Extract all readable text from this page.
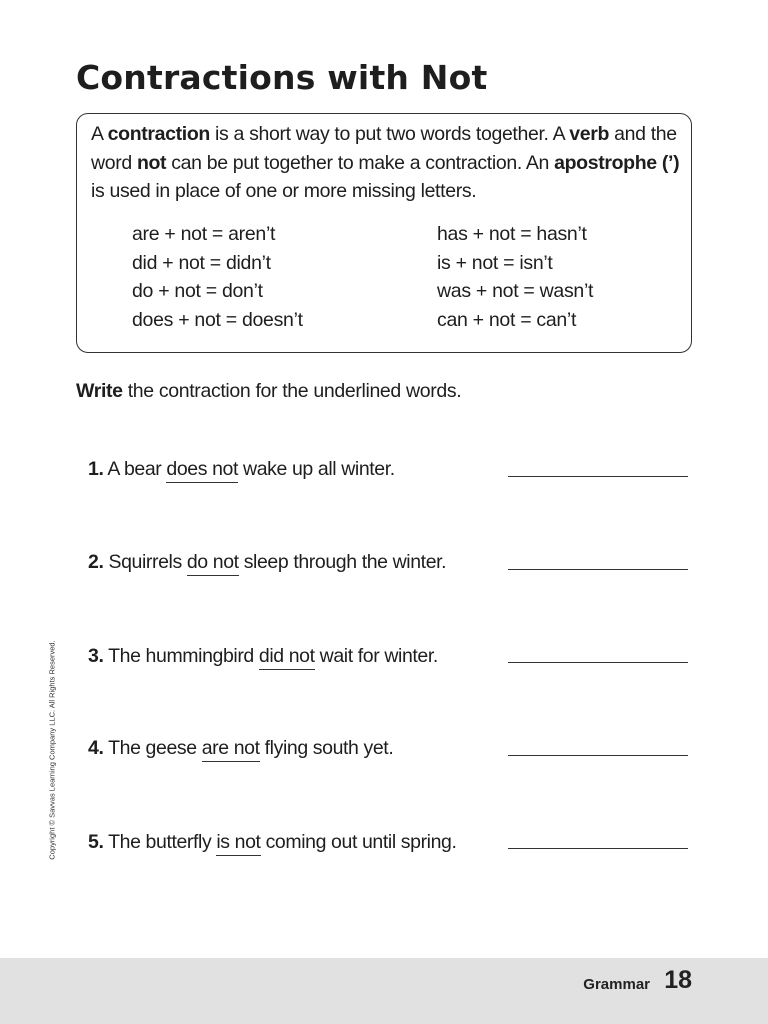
Contractions with Not
A contraction is a short way to put two words together. A verb and the word not can be put together to make a contraction. An apostrophe (’) is used in place of one or more missing letters.
are + not = aren’t
did + not = didn’t
do + not = don’t
does + not = doesn’t
has + not = hasn’t
is + not = isn’t
was + not = wasn’t
can + not = can’t
Write the contraction for the underlined words.
1. A bear does not wake up all winter.
2. Squirrels do not sleep through the winter.
3. The hummingbird did not wait for winter.
4. The geese are not flying south yet.
5. The butterfly is not coming out until spring.
Copyright © Savvas Learning Company LLC. All Rights Reserved.
Grammar 18
